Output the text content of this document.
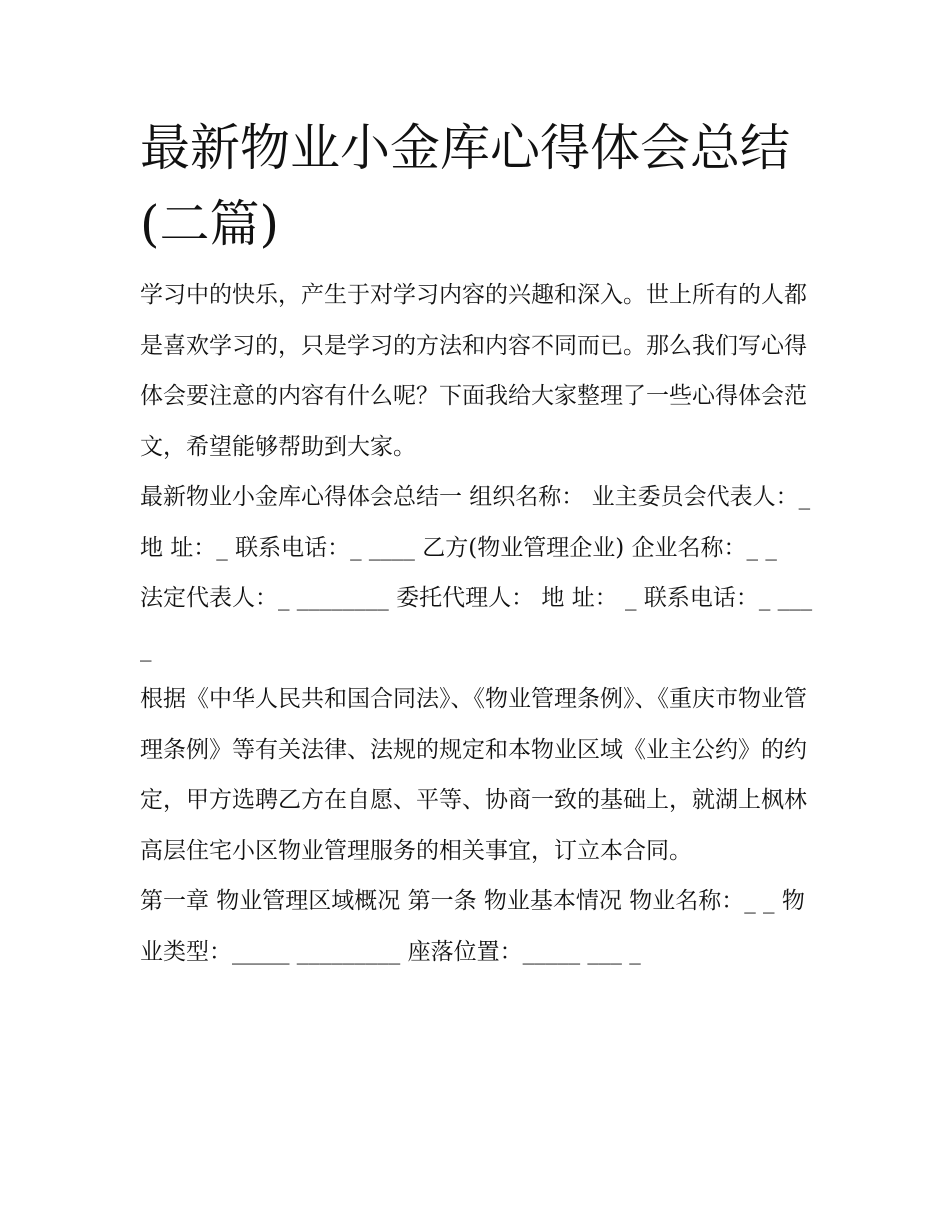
最新物业小金库心得体会总结(二篇)

学习中的快乐，产生于对学习内容的兴趣和深入。世上所有的人都是喜欢学习的，只是学习的方法和内容不同而已。那么我们写心得体会要注意的内容有什么呢？下面我给大家整理了一些心得体会范文，希望能够帮助到大家。

最新物业小金库心得体会总结一 组织名称： 业主委员会代表人：_ 地 址：_ 联系电话：_ ____ 乙方(物业管理企业) 企业名称：_ _

法定代表人：_ ________ 委托代理人： 地 址： _ 联系电话：_ ___ _

根据《中华人民共和国合同法》、《物业管理条例》、《重庆市物业管理条例》等有关法律、法规的规定和本物业区域《业主公约》的约定，甲方选聘乙方在自愿、平等、协商一致的基础上，就湖上枫林高层住宅小区物业管理服务的相关事宜，订立本合同。

第一章 物业管理区域概况 第一条 物业基本情况 物业名称：_ _ 物业类型：_____ _________ 座落位置：_____ ___ _
